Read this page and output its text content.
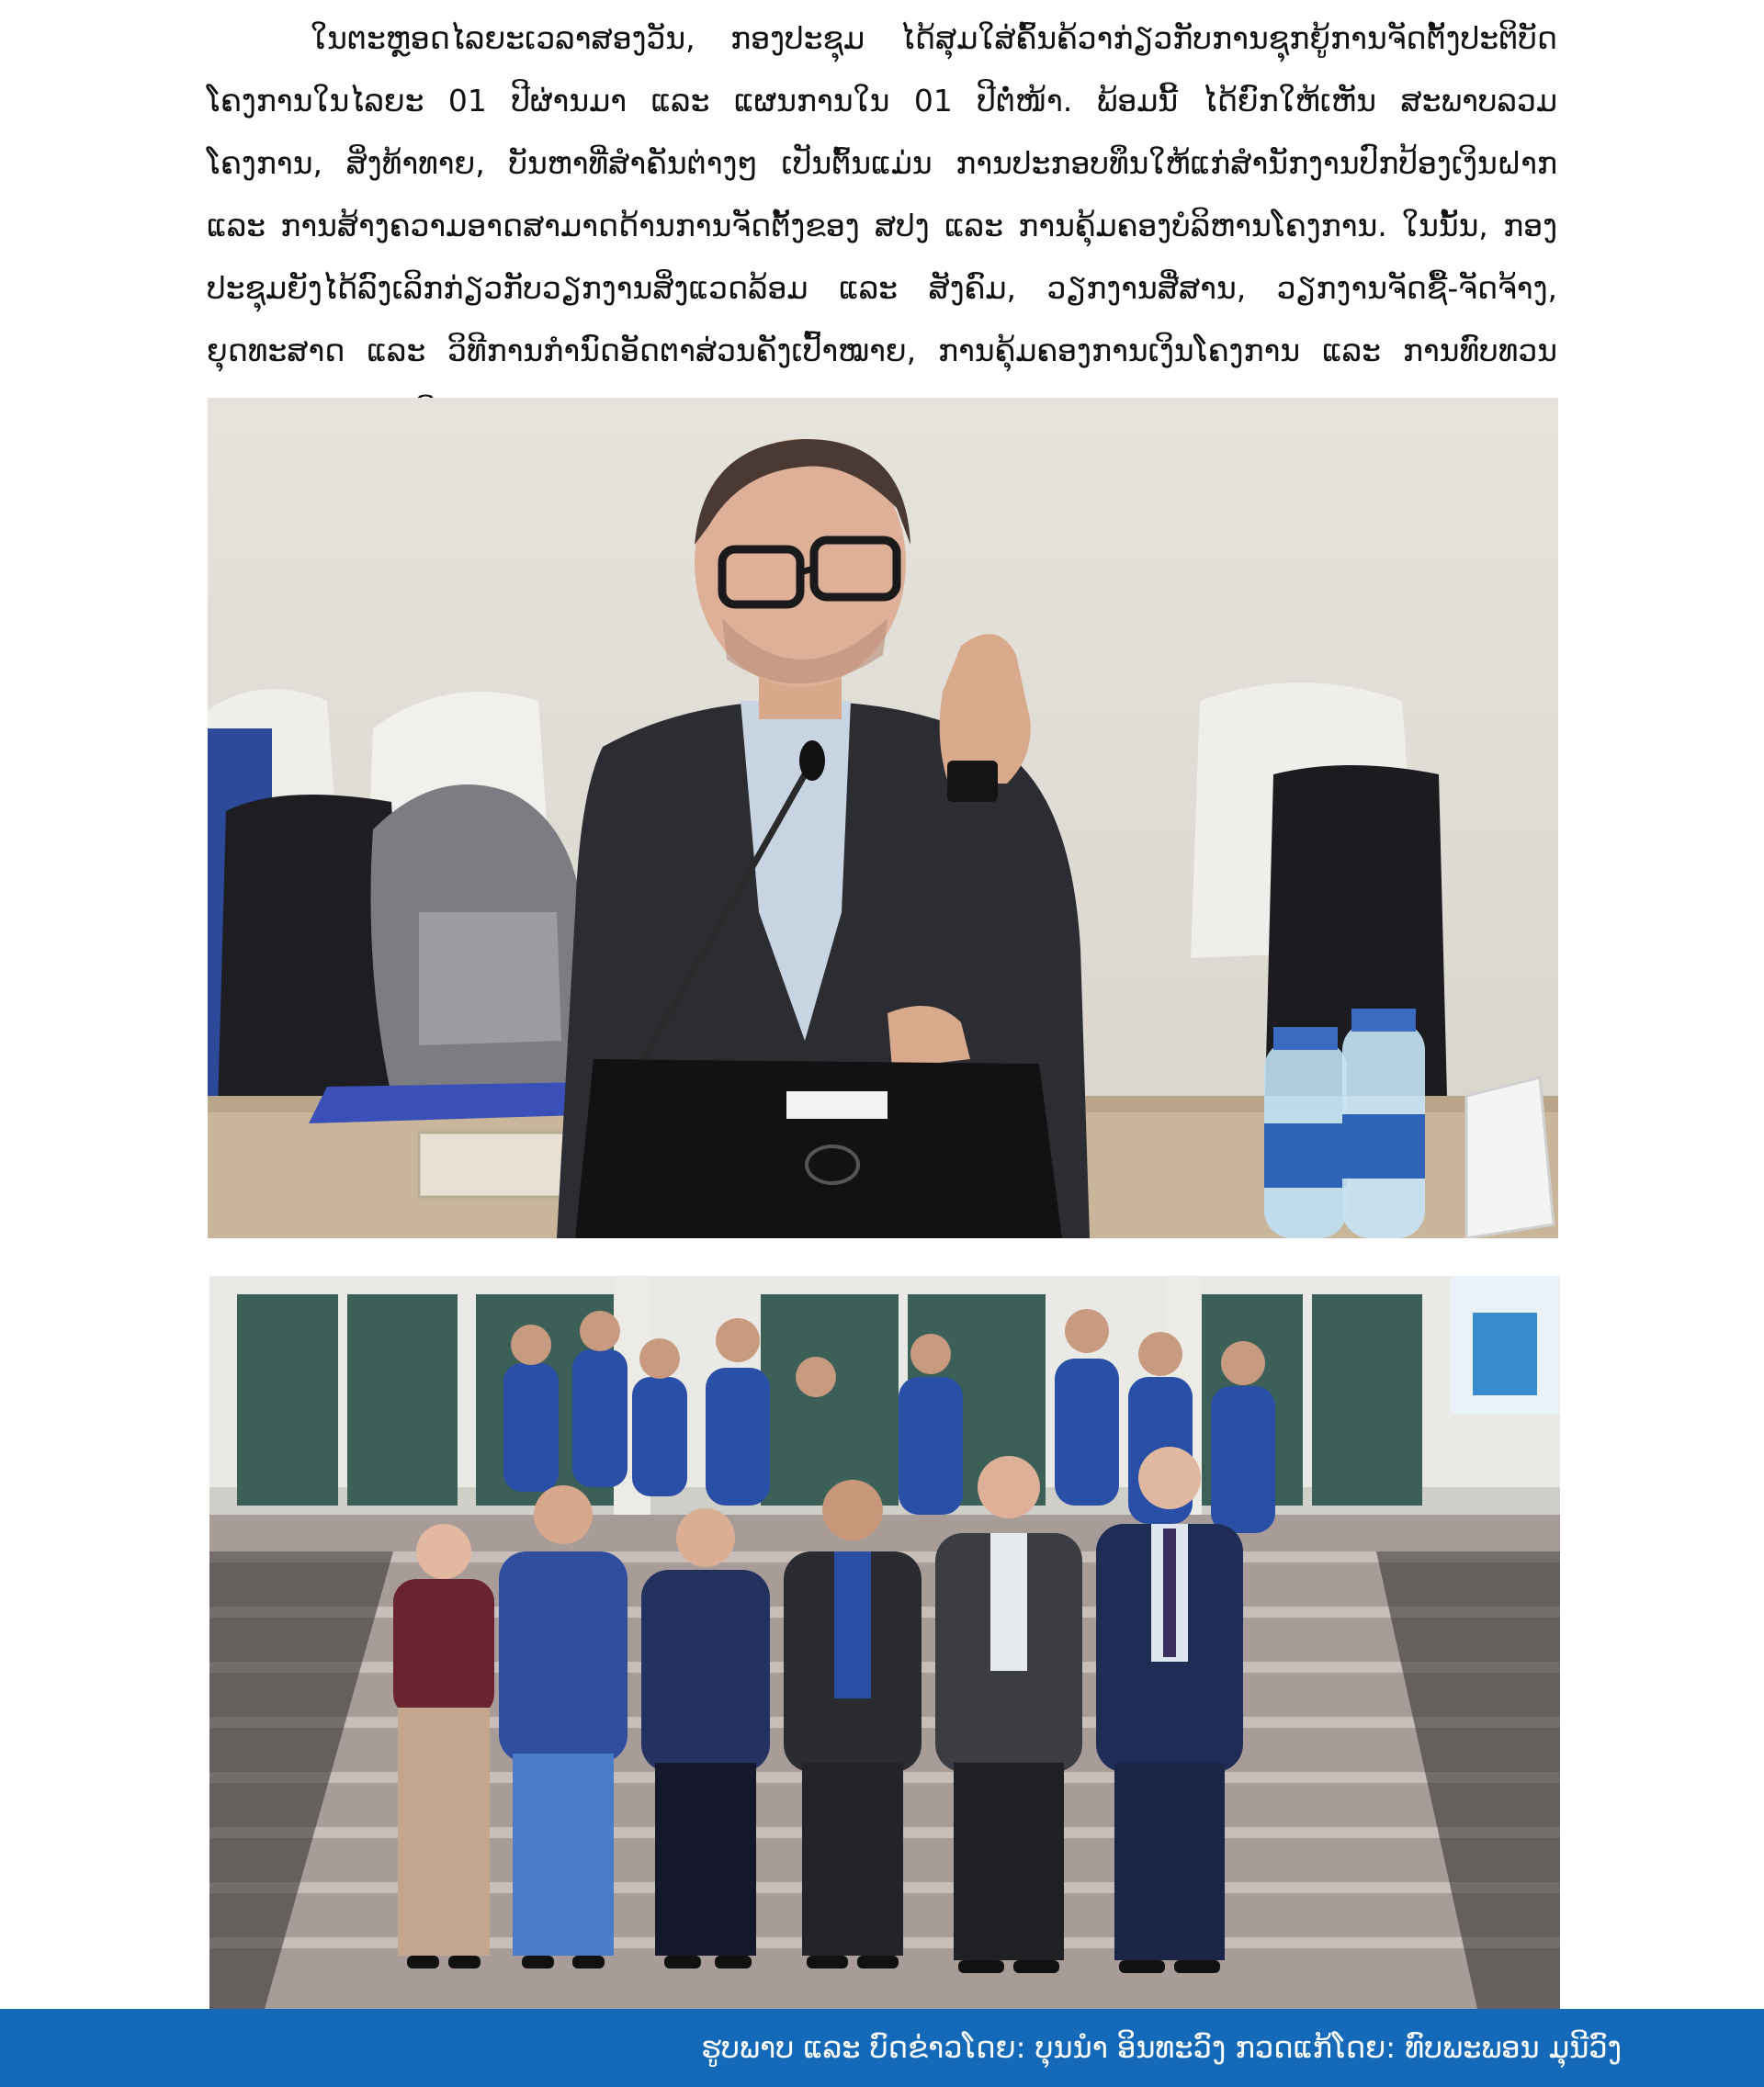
ໃນຕະຫຼອດໄລຍະເວລາສອງວັນ, ກອງປະຊຸມ ໄດ້ສຸມໃສ່ຄົ້ນຄ້ວາກ່ຽວກັບການຊຸກຍູ້ການຈັດຕັ້ງປະຕິບັດໂຄງການໃນໄລຍະ 01 ປີຜ່ານມາ ແລະ ແຜນການໃນ 01 ປີຕໍ່ໜ້າ. ພ້ອມນີ້ ໄດ້ຍົກໃຫ້ເຫັນ ສະພາບລວມໂຄງການ, ສິ່ງທ້າທາຍ, ບັນຫາທີ່ສຳຄັນຕ່າງໆ ເປັນຕົ້ນແມ່ນ ການປະກອບທຶນໃຫ້ແກ່ສຳນັກງານປົກປ້ອງເງິນຝາກ ແລະ ການສ້າງຄວາມອາດສາມາດດ້ານການຈັດຕັ້ງຂອງ ສປງ ແລະ ການຄຸ້ມຄອງບໍລິຫານໂຄງການ. ໃນນັ້ນ, ກອງປະຊຸມຍັງໄດ້ລົງເລິກກ່ຽວກັບວຽກງານສິ່ງແວດລ້ອມ ແລະ ສັງຄົມ, ວຽກງານສື່ສານ, ວຽກງານຈັດຊື້-ຈັດຈ້າງ, ຍຸດທະສາດ ແລະ ວິທີການກຳນົດອັດຕາສ່ວນຄັງເປົ້າໝາຍ, ການຄຸ້ມຄອງການເງິນໂຄງການ ແລະ ການທົບທວນ

ຮູບພາບ ແລະ ບົດຂ່າວໂດຍ: ບຸນນຳ ອິນທະວົງ ກວດແກ້ໂດຍ: ທົບພະພອນ ມຸນີວົງ
